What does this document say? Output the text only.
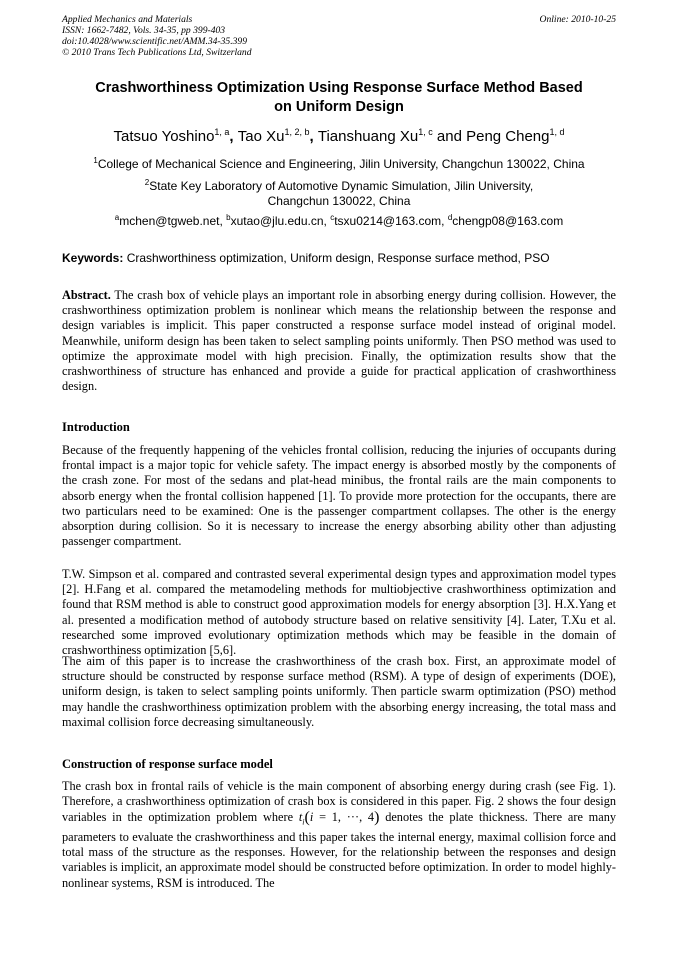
Applied Mechanics and Materials
ISSN: 1662-7482, Vols. 34-35, pp 399-403
doi:10.4028/www.scientific.net/AMM.34-35.399
© 2010 Trans Tech Publications Ltd, Switzerland
Online: 2010-10-25
Crashworthiness Optimization Using Response Surface Method Based
on Uniform Design
Tatsuo Yoshino$^{1, a}$, Tao Xu$^{1, 2, b}$, Tianshuang Xu$^{1, c}$ and Peng Cheng$^{1, d}$
$^1$College of Mechanical Science and Engineering, Jilin University, Changchun 130022, China
$^2$State Key Laboratory of Automotive Dynamic Simulation, Jilin University,
Changchun 130022, China
$^a$mchen@tgweb.net, $^b$xutao@jlu.edu.cn, $^c$tsxu0214@163.com, $^d$chengp08@163.com
Keywords: Crashworthiness optimization, Uniform design, Response surface method, PSO

Abstract. The crash box of vehicle plays an important role in absorbing energy during collision. However, the crashworthiness optimization problem is nonlinear which means the relationship between the response and design variables is implicit. This paper constructed a response surface model instead of original model. Meanwhile, uniform design has been taken to select sampling points uniformly. Then PSO method was used to optimize the approximate model with high precision. Finally, the optimization results show that the crashworthiness of structure has enhanced and provide a guide for practical application of crashworthiness design.

Introduction

Because of the frequently happening of the vehicles frontal collision, reducing the injuries of occupants during frontal impact is a major topic for vehicle safety. The impact energy is absorbed mostly by the components of the crash zone. For most of the sedans and plat-head minibus, the frontal rails are the main components to absorb energy when the frontal collision happened [1]. To provide more protection for the occupants, there are two particulars need to be examined: One is the passenger compartment collapses. The other is the energy absorption during collision. So it is necessary to increase the energy absorbing ability other than adjusting passenger compartment.

T.W. Simpson et al. compared and contrasted several experimental design types and approximation model types [2]. H.Fang et al. compared the metamodeling methods for multiobjective crashworthiness optimization and found that RSM method is able to construct good approximation models for energy absorption [3]. H.X.Yang et al. presented a modification method of autobody structure based on relative sensitivity [4]. Later, T.Xu et al. researched some improved evolutionary optimization methods which may be feasible in the domain of crashworthiness optimization [5,6].

The aim of this paper is to increase the crashworthiness of the crash box. First, an approximate model of structure should be constructed by response surface method (RSM). A type of design of experiments (DOE), uniform design, is taken to select sampling points uniformly. Then particle swarm optimization (PSO) method may handle the crashworthiness optimization problem with the absorbing energy increasing, the total mass and maximal collision force decreasing simultaneously.

Construction of response surface model

The crash box in frontal rails of vehicle is the main component of absorbing energy during crash (see Fig. 1). Therefore, a crashworthiness optimization of crash box is considered in this paper. Fig. 2 shows the four design variables in the optimization problem where $t_i(i = 1$, ···, 4) denotes the plate thickness. There are many parameters to evaluate the crashworthiness and this paper takes the internal energy, maximal collision force and total mass of the structure as the responses. However, for the relationship between the responses and design variables is implicit, an approximate model should be constructed before optimization. In order to model highly-nonlinear systems, RSM is introduced. The
